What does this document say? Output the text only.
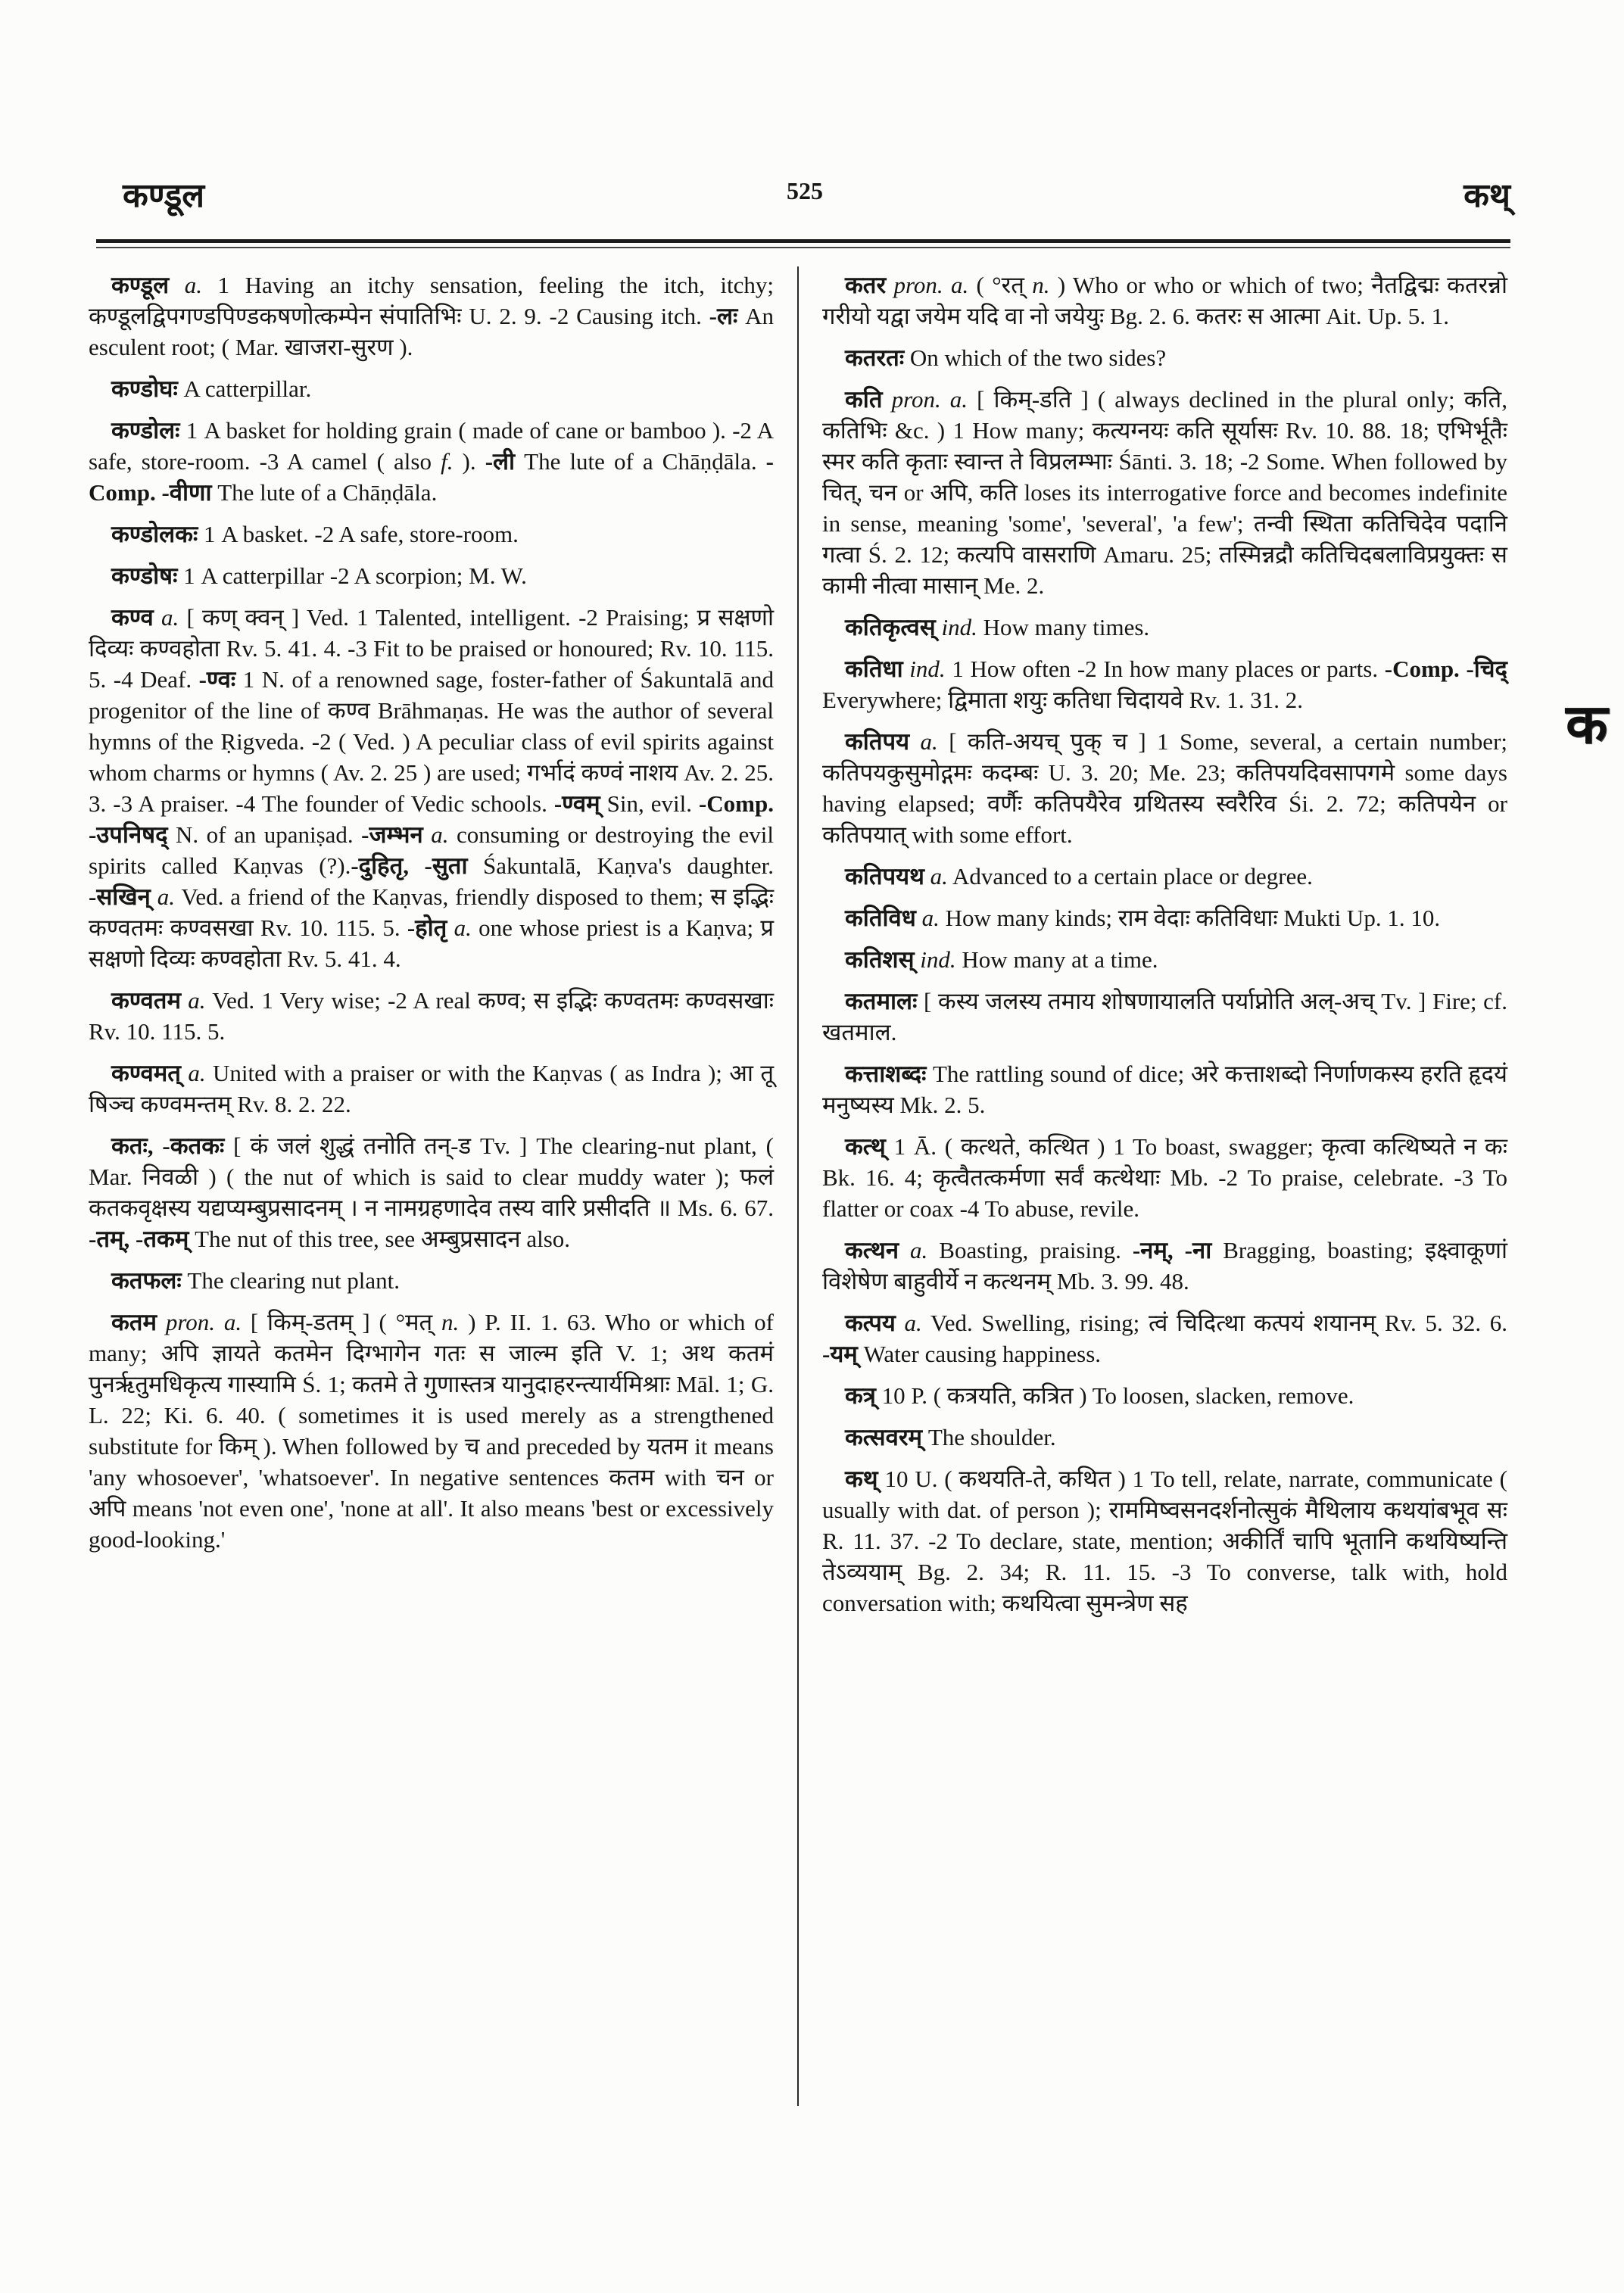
कण्डूल	525	कथ्

कण्डूल a. 1 Having an itchy sensation, feeling the itch, itchy; कण्डूलद्विपगण्डपिण्डकषणोत्कम्पेन संपातिभिः U. 2. 9. -2 Causing itch. -लः An esculent root; ( Mar. खाजरा-सुरण ).

कण्डोघः A catterpillar.

कण्डोलः 1 A basket for holding grain ( made of cane or bamboo ). -2 A safe, store-room. -3 A camel ( also f. ). -ली The lute of a Chāṇḍāla. -Comp. -वीणा The lute of a Chāṇḍāla.

कण्डोलकः 1 A basket. -2 A safe, store-room.

कण्डोषः 1 A catterpillar -2 A scorpion; M. W.

कण्व a. [ कण् क्वन् ] Ved. 1 Talented, intelligent. -2 Praising; प्र सक्षणो दिव्यः कण्वहोता Rv. 5. 41. 4. -3 Fit to be praised or honoured; Rv. 10. 115. 5. -4 Deaf. -ण्वः 1 N. of a renowned sage, foster-father of Śakuntalā and progenitor of the line of कण्व Brāhmaṇas. He was the author of several hymns of the Ṛigveda. -2 ( Ved. ) A peculiar class of evil spirits against whom charms or hymns ( Av. 2. 25 ) are used; गर्भादं कण्वं नाशय Av. 2. 25. 3. -3 A praiser. -4 The founder of Vedic schools. -ण्वम् Sin, evil. -Comp. -उपनिषद् N. of an upaniṣad. -जम्भन a. consuming or destroying the evil spirits called Kaṇvas (?).-दुहितृ, -सुता Śakuntalā, Kaṇva's daughter. -सखिन् a. Ved. a friend of the Kaṇvas, friendly disposed to them; स इद्भिः कण्वतमः कण्वसखा Rv. 10. 115. 5. -होतृ a. one whose priest is a Kaṇva; प्र सक्षणो दिव्यः कण्वहोता Rv. 5. 41. 4.

कण्वतम a. Ved. 1 Very wise; -2 A real कण्व; स इद्भिः कण्वतमः कण्वसखाः Rv. 10. 115. 5.

कण्वमत् a. United with a praiser or with the Kaṇvas ( as Indra ); आ तू षिञ्च कण्वमन्तम् Rv. 8. 2. 22.

कतः, -कतकः [ कं जलं शुद्धं तनोति तन्-ड Tv. ] The clearing-nut plant, ( Mar. निवळी ) ( the nut of which is said to clear muddy water ); फलं कतकवृक्षस्य यद्यप्यम्बुप्रसादनम् । न नामग्रहणादेव तस्य वारि प्रसीदति ॥ Ms. 6. 67. -तम्, -तकम् The nut of this tree, see अम्बुप्रसादन also.

कतफलः The clearing nut plant.

कतम pron. a. [ किम्-डतम् ] ( °मत् n. ) P. II. 1. 63. Who or which of many; अपि ज्ञायते कतमेन दिग्भागेन गतः स जाल्म इति V. 1; अथ कतमं पुनर्ऋतुमधिकृत्य गास्यामि Ś. 1; कतमे ते गुणास्तत्र यानुदाहरन्त्यार्यमिश्राः Māl. 1; G. L. 22; Ki. 6. 40. ( sometimes it is used merely as a strengthened substitute for किम् ). When followed by च and preceded by यतम it means 'any whosoever', 'whatsoever'. In negative sentences कतम with चन or अपि means 'not even one', 'none at all'. It also means 'best or excessively good-looking.'

कतर pron. a. ( °रत् n. ) Who or who or which of two; नैतद्विद्मः कतरन्नो गरीयो यद्वा जयेम यदि वा नो जयेयुः Bg. 2. 6. कतरः स आत्मा Ait. Up. 5. 1.

कतरतः On which of the two sides?

कति pron. a. [ किम्-डति ] ( always declined in the plural only; कति, कतिभिः &c. ) 1 How many; कत्यग्नयः कति सूर्यासः Rv. 10. 88. 18; एभिर्भूतैः स्मर कति कृताः स्वान्त ते विप्रलम्भाः Śānti. 3. 18; -2 Some. When followed by चित्, चन or अपि, कति loses its interrogative force and becomes indefinite in sense, meaning 'some', 'several', 'a few'; तन्वी स्थिता कतिचिदेव पदानि गत्वा Ś. 2. 12; कत्यपि वासराणि Amaru. 25; तस्मिन्नद्रौ कतिचिदबलाविप्रयुक्तः स कामी नीत्वा मासान् Me. 2.

कतिकृत्वस् ind. How many times.

कतिधा ind. 1 How often -2 In how many places or parts. -Comp. -चिद् Everywhere; द्विमाता शयुः कतिधा चिदायवे Rv. 1. 31. 2.

कतिपय a. [ कति-अयच् पुक् च ] 1 Some, several, a certain number; कतिपयकुसुमोद्गमः कदम्बः U. 3. 20; Me. 23; कतिपयदिवसापगमे some days having elapsed; वर्णैः कतिपयैरेव ग्रथितस्य स्वरैरिव Śi. 2. 72; कतिपयेन or कतिपयात् with some effort.

कतिपयथ a. Advanced to a certain place or degree.

कतिविध a. How many kinds; राम वेदाः कतिविधाः Mukti Up. 1. 10.

कतिशस् ind. How many at a time.

कतमालः [ कस्य जलस्य तमाय शोषणायालति पर्याप्नोति अल्-अच् Tv. ] Fire; cf. खतमाल.

कत्ताशब्दः The rattling sound of dice; अरे कत्ताशब्दो निर्णाणकस्य हरति हृदयं मनुष्यस्य Mk. 2. 5.

कत्थ् 1 Ā. ( कत्थते, कत्थित ) 1 To boast, swagger; कृत्वा कत्थिष्यते न कः Bk. 16. 4; कृत्वैतत्कर्मणा सर्वं कत्थेथाः Mb. -2 To praise, celebrate. -3 To flatter or coax -4 To abuse, revile.

कत्थन a. Boasting, praising. -नम्, -ना Bragging, boasting; इक्ष्वाकूणां विशेषेण बाहुवीर्ये न कत्थनम् Mb. 3. 99. 48.

कत्पय a. Ved. Swelling, rising; त्वं चिदित्था कत्पयं शयानम् Rv. 5. 32. 6. -यम् Water causing happiness.

कत्र् 10 P. ( कत्रयति, कत्रित ) To loosen, slacken, remove.

कत्सवरम् The shoulder.

कथ् 10 U. ( कथयति-ते, कथित ) 1 To tell, relate, narrate, communicate ( usually with dat. of person ); राममिष्वसनदर्शनोत्सुकं मैथिलाय कथयांबभूव सः R. 11. 37. -2 To declare, state, mention; अकीर्तिं चापि भूतानि कथयिष्यन्ति तेऽव्ययाम् Bg. 2. 34; R. 11. 15. -3 To converse, talk with, hold conversation with; कथयित्वा सुमन्त्रेण सह

क
